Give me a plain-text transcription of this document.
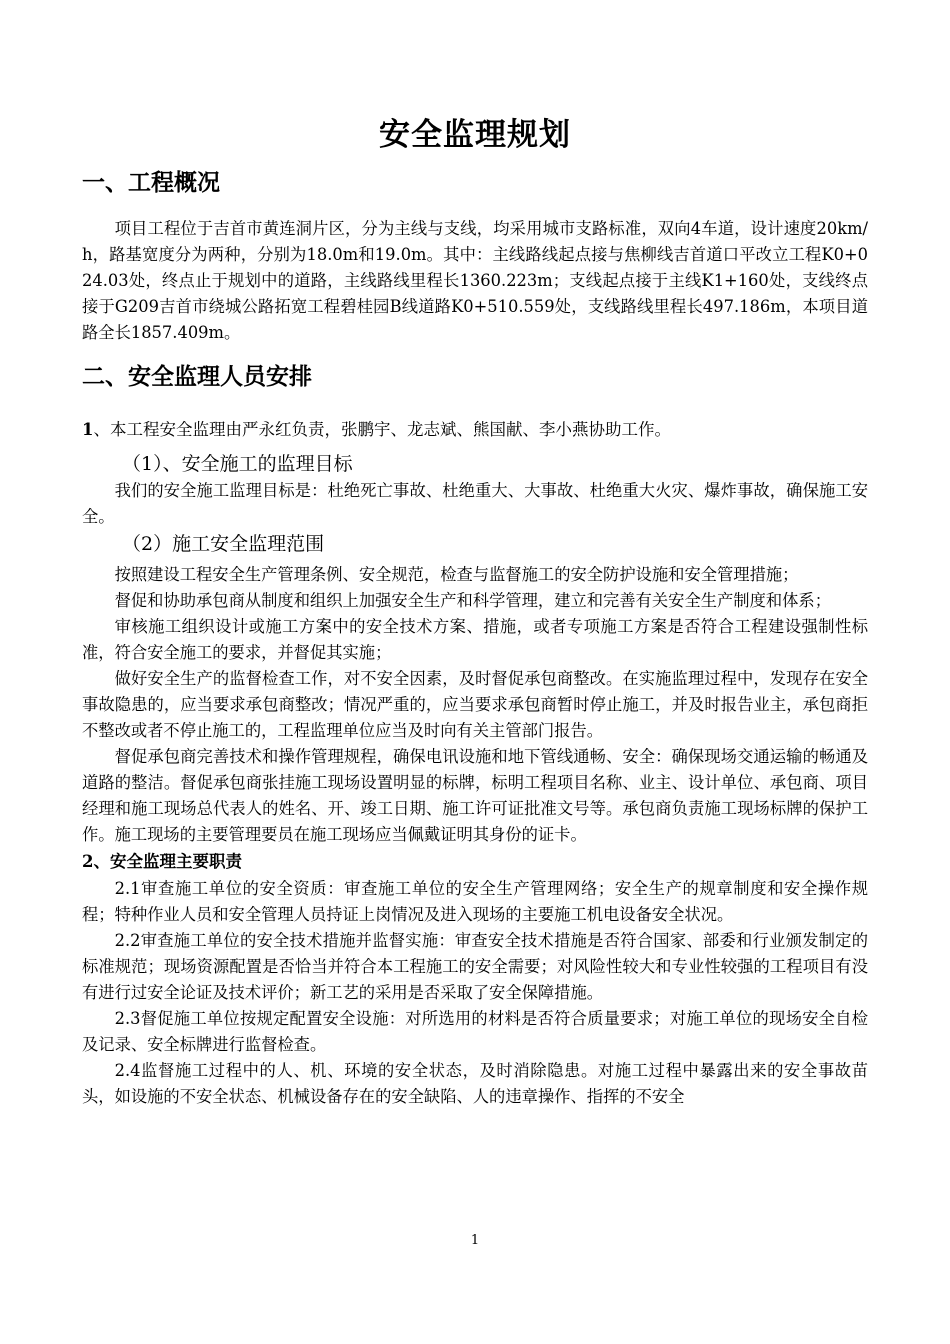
安全监理规划
一、工程概况

项目工程位于吉首市黄连洞片区，分为主线与支线，均采用城市支路标准，双向4车道，设计速度20km/h，路基宽度分为两种，分别为18.0m和19.0m。其中：主线路线起点接与焦柳线吉首道口平改立工程K0+024.03处，终点止于规划中的道路，主线路线里程长1360.223m；支线起点接于主线K1+160处，支线终点接于G209吉首市绕城公路拓宽工程碧桂园B线道路K0+510.559处，支线路线里程长497.186m，本项目道路全长1857.409m。

二、安全监理人员安排

1、本工程安全监理由严永红负责，张鹏宇、龙志斌、熊国献、李小燕协助工作。

（1）、安全施工的监理目标

我们的安全施工监理目标是：杜绝死亡事故、杜绝重大、大事故、杜绝重大火灾、爆炸事故，确保施工安全。

（2）施工安全监理范围

按照建设工程安全生产管理条例、安全规范，检查与监督施工的安全防护设施和安全管理措施；

督促和协助承包商从制度和组织上加强安全生产和科学管理，建立和完善有关安全生产制度和体系；

审核施工组织设计或施工方案中的安全技术方案、措施，或者专项施工方案是否符合工程建设强制性标准，符合安全施工的要求，并督促其实施；

做好安全生产的监督检查工作，对不安全因素，及时督促承包商整改。在实施监理过程中，发现存在安全事故隐患的，应当要求承包商整改；情况严重的，应当要求承包商暂时停止施工，并及时报告业主，承包商拒不整改或者不停止施工的，工程监理单位应当及时向有关主管部门报告。

督促承包商完善技术和操作管理规程，确保电讯设施和地下管线通畅、安全：确保现场交通运输的畅通及道路的整洁。督促承包商张挂施工现场设置明显的标牌，标明工程项目名称、业主、设计单位、承包商、项目经理和施工现场总代表人的姓名、开、竣工日期、施工许可证批准文号等。承包商负责施工现场标牌的保护工作。施工现场的主要管理要员在施工现场应当佩戴证明其身份的证卡。

2、安全监理主要职责

2.1审查施工单位的安全资质：审查施工单位的安全生产管理网络；安全生产的规章制度和安全操作规程；特种作业人员和安全管理人员持证上岗情况及进入现场的主要施工机电设备安全状况。

2.2审查施工单位的安全技术措施并监督实施：审查安全技术措施是否符合国家、部委和行业颁发制定的标准规范；现场资源配置是否恰当并符合本工程施工的安全需要；对风险性较大和专业性较强的工程项目有没有进行过安全论证及技术评价；新工艺的采用是否采取了安全保障措施。

2.3督促施工单位按规定配置安全设施：对所选用的材料是否符合质量要求；对施工单位的现场安全自检及记录、安全标牌进行监督检查。

2.4监督施工过程中的人、机、环境的安全状态，及时消除隐患。对施工过程中暴露出来的安全事故苗头，如设施的不安全状态、机械设备存在的安全缺陷、人的违章操作、指挥的不安全

1
